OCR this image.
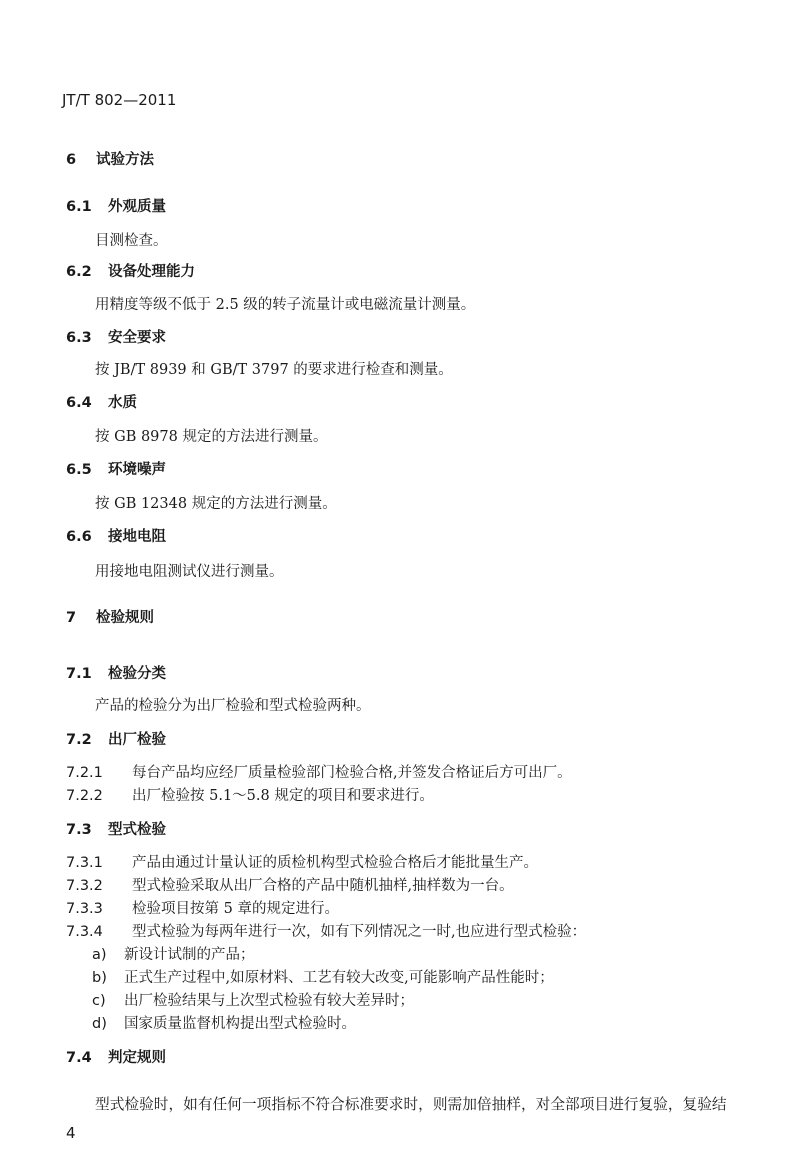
JT/T 802—2011
6 试验方法
6.1 外观质量
目测检查。
6.2 设备处理能力
用精度等级不低于 2.5 级的转子流量计或电磁流量计测量。
6.3 安全要求
按 JB/T 8939 和 GB/T 3797 的要求进行检查和测量。
6.4 水质
按 GB 8978 规定的方法进行测量。
6.5 环境噪声
按 GB 12348 规定的方法进行测量。
6.6 接地电阻
用接地电阻测试仪进行测量。
7 检验规则
7.1 检验分类
产品的检验分为出厂检验和型式检验两种。
7.2 出厂检验
7.2.1 每台产品均应经厂质量检验部门检验合格,并签发合格证后方可出厂。
7.2.2 出厂检验按 5.1～5.8 规定的项目和要求进行。
7.3 型式检验
7.3.1 产品由通过计量认证的质检机构型式检验合格后才能批量生产。
7.3.2 型式检验采取从出厂合格的产品中随机抽样,抽样数为一台。
7.3.3 检验项目按第 5 章的规定进行。
7.3.4 型式检验为每两年进行一次，如有下列情况之一时,也应进行型式检验：
a) 新设计试制的产品；
b) 正式生产过程中,如原材料、工艺有较大改变,可能影响产品性能时；
c) 出厂检验结果与上次型式检验有较大差异时；
d) 国家质量监督机构提出型式检验时。
7.4 判定规则
型式检验时，如有任何一项指标不符合标准要求时，则需加倍抽样，对全部项目进行复验，复验结
4
